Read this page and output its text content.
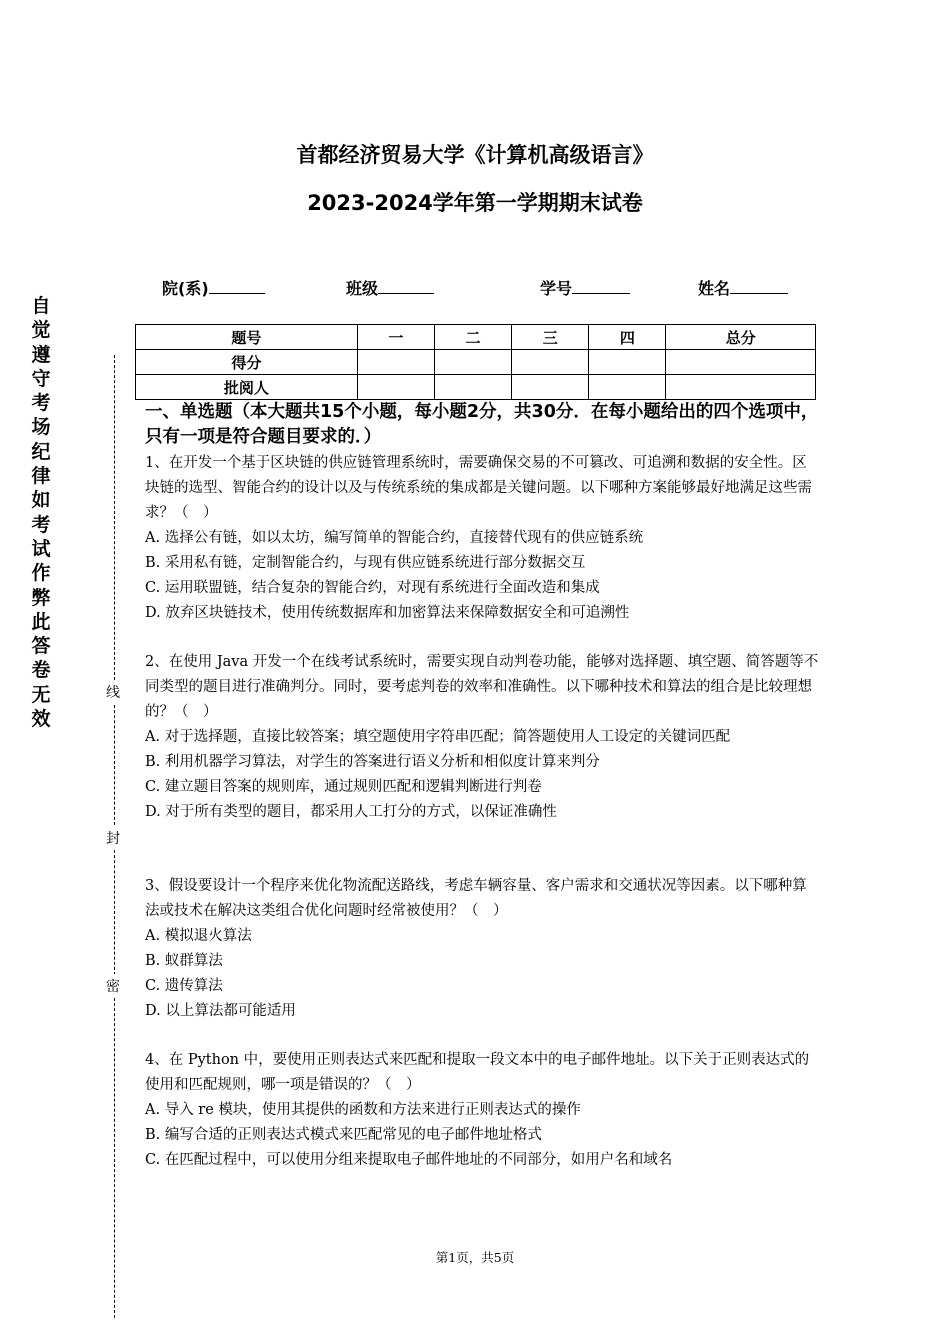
自觉遵守考场纪律如考试作弊此答卷无效
线
封
密
首都经济贸易大学《计算机高级语言》
2023-2024学年第一学期期末试卷
院(系)	班级	学号	姓名
题号	一	二	三	四	总分
得分					
批阅人					
一、单选题（本大题共15个小题，每小题2分，共30分．在每小题给出的四个选项中，只有一项是符合题目要求的．）

1、在开发一个基于区块链的供应链管理系统时，需要确保交易的不可篡改、可追溯和数据的安全性。区块链的选型、智能合约的设计以及与传统系统的集成都是关键问题。以下哪种方案能够最好地满足这些需求？（　）

A. 选择公有链，如以太坊，编写简单的智能合约，直接替代现有的供应链系统

B. 采用私有链，定制智能合约，与现有供应链系统进行部分数据交互

C. 运用联盟链，结合复杂的智能合约，对现有系统进行全面改造和集成

D. 放弃区块链技术，使用传统数据库和加密算法来保障数据安全和可追溯性

2、在使用 Java 开发一个在线考试系统时，需要实现自动判卷功能，能够对选择题、填空题、简答题等不同类型的题目进行准确判分。同时，要考虑判卷的效率和准确性。以下哪种技术和算法的组合是比较理想的？（　）

A. 对于选择题，直接比较答案；填空题使用字符串匹配；简答题使用人工设定的关键词匹配

B. 利用机器学习算法，对学生的答案进行语义分析和相似度计算来判分

C. 建立题目答案的规则库，通过规则匹配和逻辑判断进行判卷

D. 对于所有类型的题目，都采用人工打分的方式，以保证准确性

3、假设要设计一个程序来优化物流配送路线，考虑车辆容量、客户需求和交通状况等因素。以下哪种算法或技术在解决这类组合优化问题时经常被使用？（　）

A. 模拟退火算法

B. 蚁群算法

C. 遗传算法

D. 以上算法都可能适用

4、在 Python 中，要使用正则表达式来匹配和提取一段文本中的电子邮件地址。以下关于正则表达式的使用和匹配规则，哪一项是错误的？（　）

A. 导入 re 模块，使用其提供的函数和方法来进行正则表达式的操作

B. 编写合适的正则表达式模式来匹配常见的电子邮件地址格式

C. 在匹配过程中，可以使用分组来提取电子邮件地址的不同部分，如用户名和域名

第1页，共5页
